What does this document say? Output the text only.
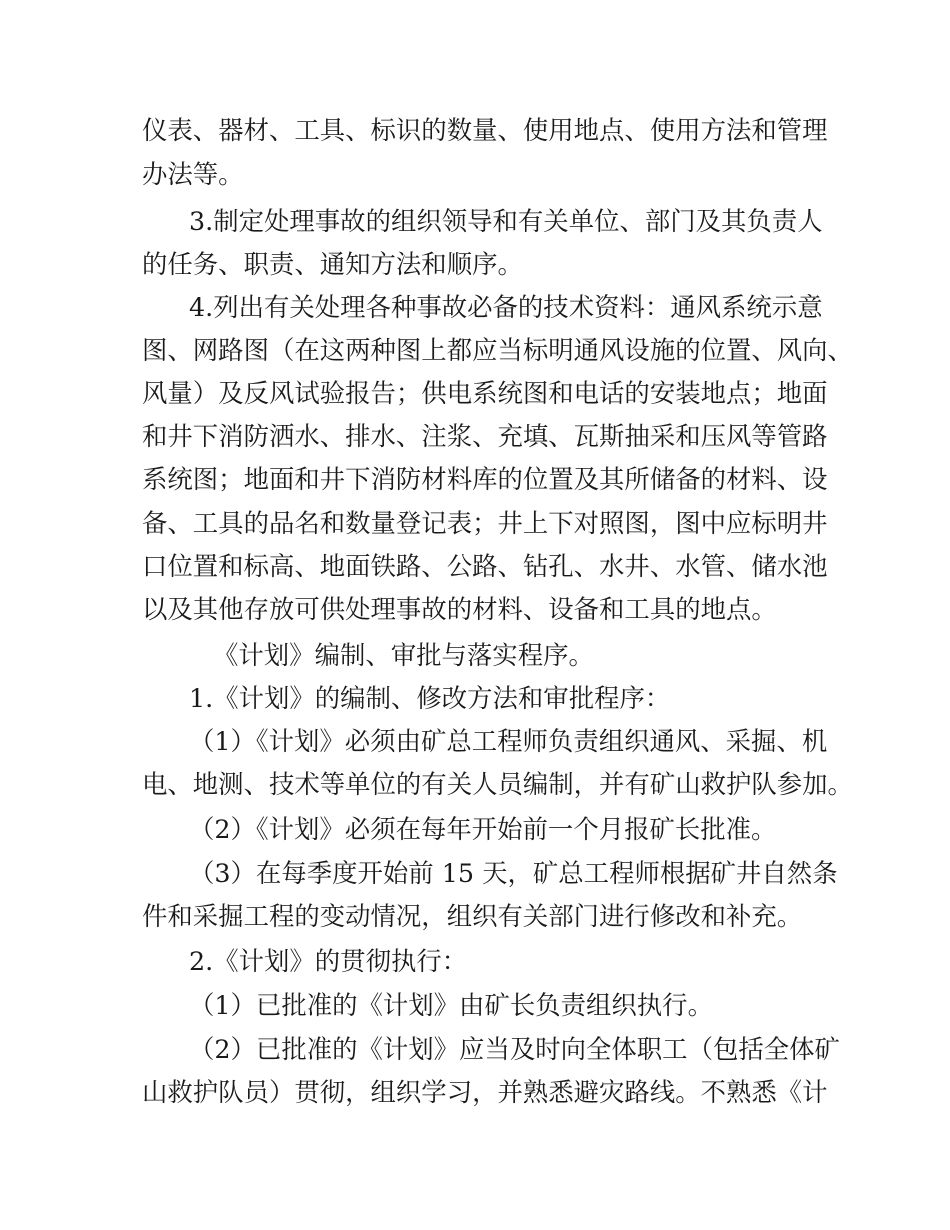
仪表、器材、工具、标识的数量、使用地点、使用方法和管理
办法等。
3.制定处理事故的组织领导和有关单位、部门及其负责人
的任务、职责、通知方法和顺序。
4.列出有关处理各种事故必备的技术资料：通风系统示意
图、网路图（在这两种图上都应当标明通风设施的位置、风向、
风量）及反风试验报告；供电系统图和电话的安装地点；地面
和井下消防洒水、排水、注浆、充填、瓦斯抽采和压风等管路
系统图；地面和井下消防材料库的位置及其所储备的材料、设
备、工具的品名和数量登记表；井上下对照图，图中应标明井
口位置和标高、地面铁路、公路、钻孔、水井、水管、储水池
以及其他存放可供处理事故的材料、设备和工具的地点。
《计划》编制、审批与落实程序。
1.《计划》的编制、修改方法和审批程序：
（1）《计划》必须由矿总工程师负责组织通风、采掘、机
电、地测、技术等单位的有关人员编制，并有矿山救护队参加。
（2）《计划》必须在每年开始前一个月报矿长批准。
（3）在每季度开始前 15 天，矿总工程师根据矿井自然条
件和采掘工程的变动情况，组织有关部门进行修改和补充。
2.《计划》的贯彻执行：
（1）已批准的《计划》由矿长负责组织执行。
（2）已批准的《计划》应当及时向全体职工（包括全体矿
山救护队员）贯彻，组织学习，并熟悉避灾路线。不熟悉《计
